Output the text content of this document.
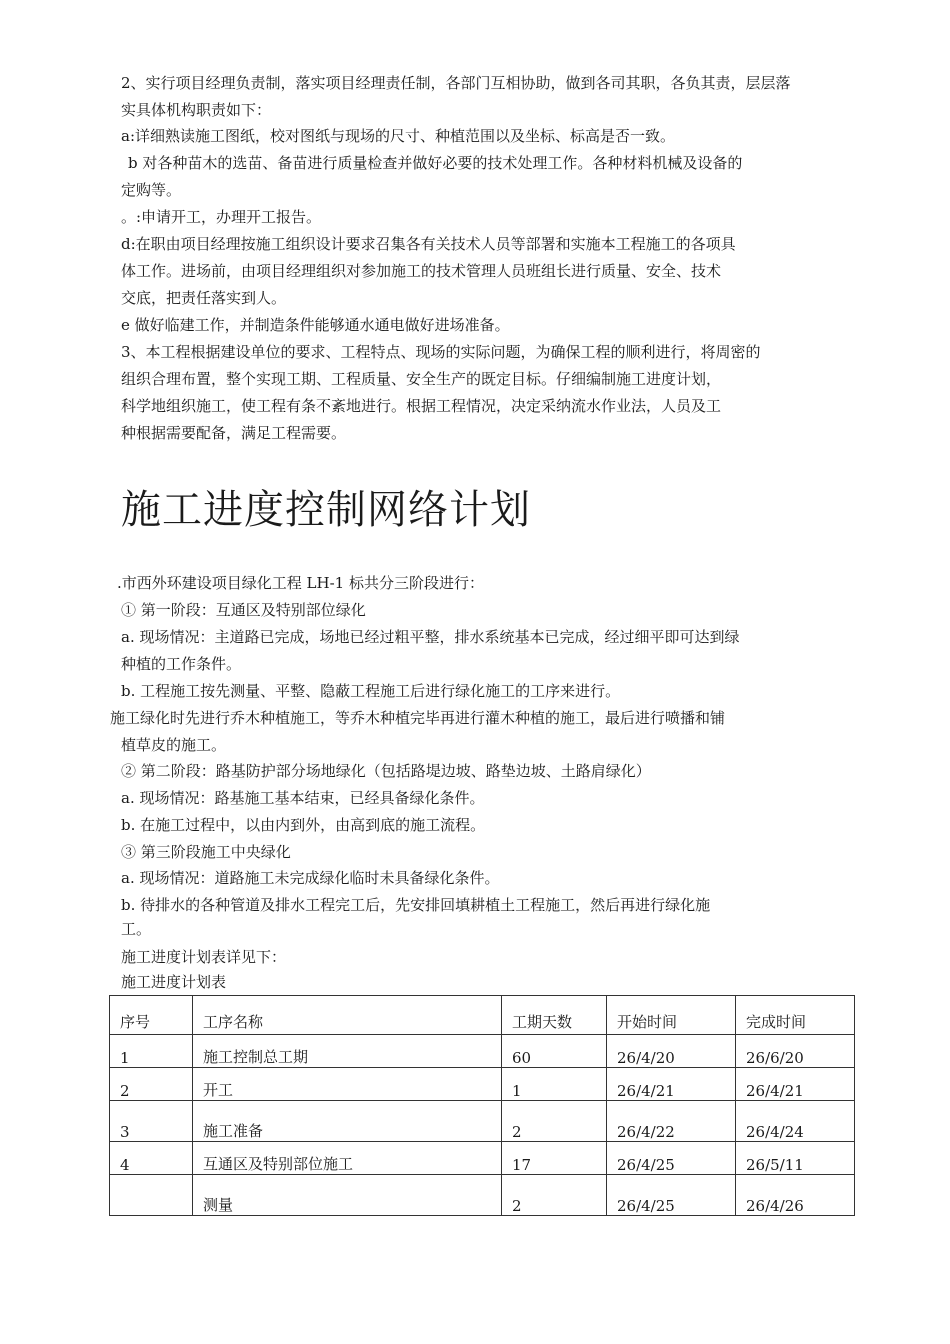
2、实行项目经理负责制，落实项目经理责任制，各部门互相协助，做到各司其职，各负其责，层层落
实具体机构职责如下：
a:详细熟读施工图纸，校对图纸与现场的尺寸、种植范围以及坐标、标高是否一致。
b 对各种苗木的选苗、备苗进行质量检查并做好必要的技术处理工作。各种材料机械及设备的
定购等。
。:申请开工，办理开工报告。
d:在职由项目经理按施工组织设计要求召集各有关技术人员等部署和实施本工程施工的各项具
体工作。进场前，由项目经理组织对参加施工的技术管理人员班组长进行质量、安全、技术
交底，把责任落实到人。
e 做好临建工作，并制造条件能够通水通电做好进场准备。
3、本工程根据建设单位的要求、工程特点、现场的实际问题，为确保工程的顺利进行，将周密的
组织合理布置，整个实现工期、工程质量、安全生产的既定目标。仔细编制施工进度计划，
科学地组织施工，使工程有条不紊地进行。根据工程情况，决定采纳流水作业法，人员及工
种根据需要配备，满足工程需要。
施工进度控制网络计划
.市西外环建设项目绿化工程 LH-1 标共分三阶段进行：
① 第一阶段：互通区及特别部位绿化
a. 现场情况：主道路已完成，场地已经过粗平整，排水系统基本已完成，经过细平即可达到绿
种植的工作条件。
b. 工程施工按先测量、平整、隐蔽工程施工后进行绿化施工的工序来进行。
施工绿化时先进行乔木种植施工，等乔木种植完毕再进行灌木种植的施工，最后进行喷播和铺
植草皮的施工。
② 第二阶段：路基防护部分场地绿化（包括路堤边坡、路垫边坡、土路肩绿化）
a. 现场情况：路基施工基本结束，已经具备绿化条件。
b. 在施工过程中，以由内到外，由高到底的施工流程。
③ 第三阶段施工中央绿化
a. 现场情况：道路施工未完成绿化临时未具备绿化条件。
b. 待排水的各种管道及排水工程完工后，先安排回填耕植土工程施工，然后再进行绿化施
工。
施工进度计划表详见下：
施工进度计划表
序号	工序名称	工期天数	开始时间	完成时间
1	施工控制总工期	60	26/4/20	26/6/20
2	开工	1	26/4/21	26/4/21
3	施工准备	2	26/4/22	26/4/24
4	互通区及特别部位施工	17	26/4/25	26/5/11
	测量	2	26/4/25	26/4/26
